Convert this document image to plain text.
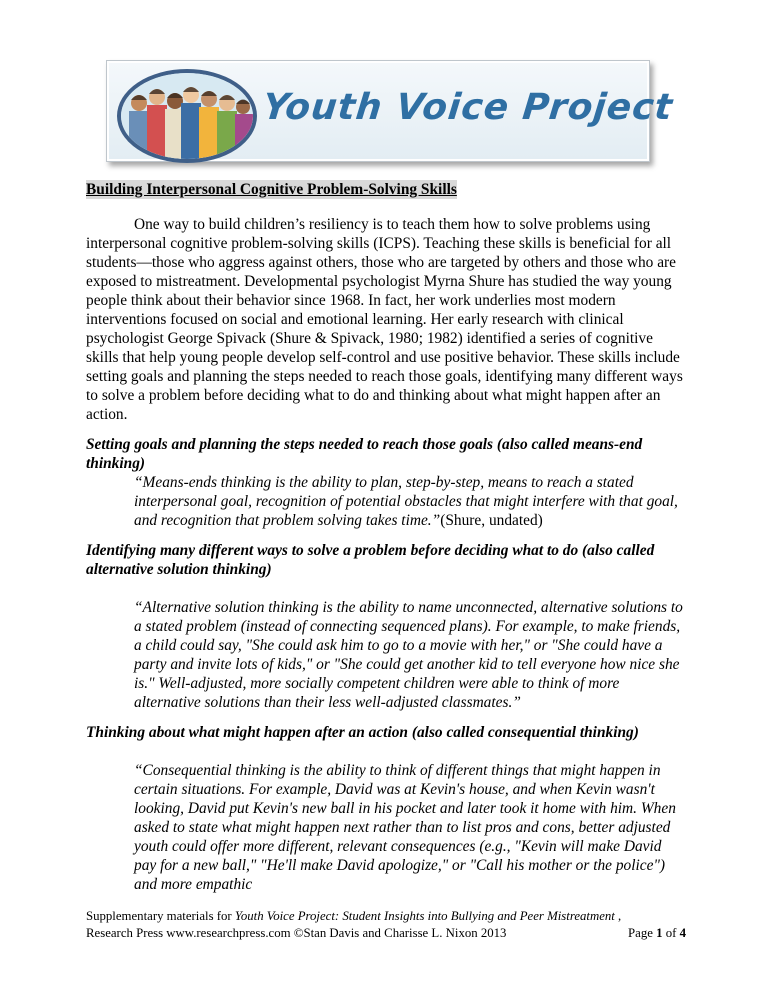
Youth Voice Project

Building Interpersonal Cognitive Problem-Solving Skills

One way to build children’s resiliency is to teach them how to solve problems using interpersonal cognitive problem-solving skills (ICPS). Teaching these skills is beneficial for all students—those who aggress against others, those who are targeted by others and those who are exposed to mistreatment. Developmental psychologist Myrna Shure has studied the way young people think about their behavior since 1968. In fact, her work underlies most modern interventions focused on social and emotional learning. Her early research with clinical psychologist George Spivack (Shure & Spivack, 1980; 1982) identified a series of cognitive skills that help young people develop self-control and use positive behavior. These skills include setting goals and planning the steps needed to reach those goals, identifying many different ways to solve a problem before deciding what to do and thinking about what might happen after an action.

Setting goals and planning the steps needed to reach those goals (also called means-end thinking)

“Means-ends thinking is the ability to plan, step-by-step, means to reach a stated interpersonal goal, recognition of potential obstacles that might interfere with that goal, and recognition that problem solving takes time.”(Shure, undated)

Identifying many different ways to solve a problem before deciding what to do (also called alternative solution thinking)

“Alternative solution thinking is the ability to name unconnected, alternative solutions to a stated problem (instead of connecting sequenced plans). For example, to make friends, a child could say, "She could ask him to go to a movie with her," or "She could have a party and invite lots of kids," or "She could get another kid to tell everyone how nice she is." Well-adjusted, more socially competent children were able to think of more alternative solutions than their less well-adjusted classmates.”

Thinking about what might happen after an action (also called consequential thinking)

“Consequential thinking is the ability to think of different things that might happen in certain situations. For example, David was at Kevin's house, and when Kevin wasn't looking, David put Kevin's new ball in his pocket and later took it home with him. When asked to state what might happen next rather than to list pros and cons, better adjusted youth could offer more different, relevant consequences (e.g., "Kevin will make David pay for a new ball," "He'll make David apologize," or "Call his mother or the police") and more empathic

Supplementary materials for Youth Voice Project: Student Insights into Bullying and Peer Mistreatment ,
Research Press www.researchpress.com ©Stan Davis and Charisse L. Nixon 2013	Page 1 of 4
